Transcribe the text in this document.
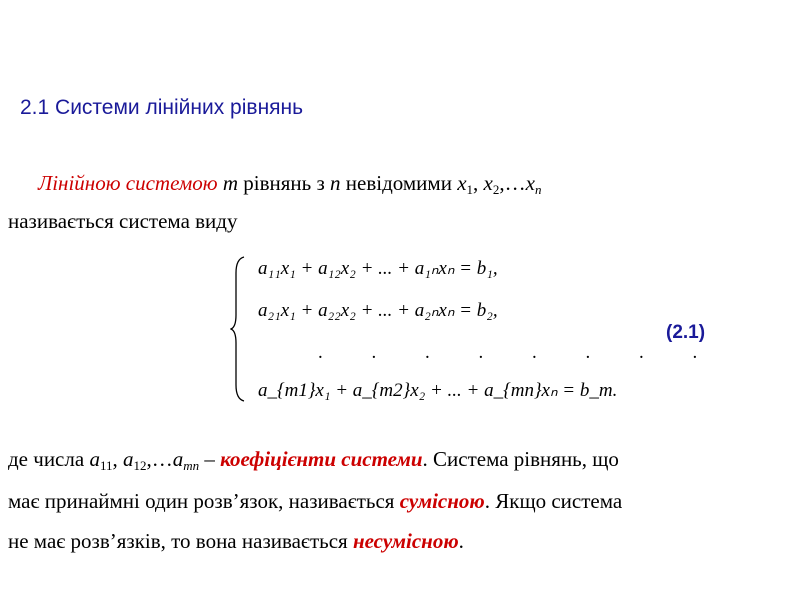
2.1 Системи лінійних рівнянь

Лінійною системою m рівнянь з n невідомими $x_1$, $x_2,\dots x_n$

називається система виду

a₁₁x₁ + a₁₂x₂ + ... + a₁ₙxₙ = b₁,
a₂₁x₁ + a₂₂x₂ + ... + a₂ₙxₙ = b₂,
. . . . . . . .
a_{m1}x₁ + a_{m2}x₂ + ... + a_{mn}xₙ = b_m.
(2.1)

де числа $a_{11}$, $a_{12},\dots a_{mn}$ – коефіцієнти системи. Система рівнянь, що

має принаймні один розв’язок, називається сумісною. Якщо система

не має розв’язків, то вона називається несумісною.
